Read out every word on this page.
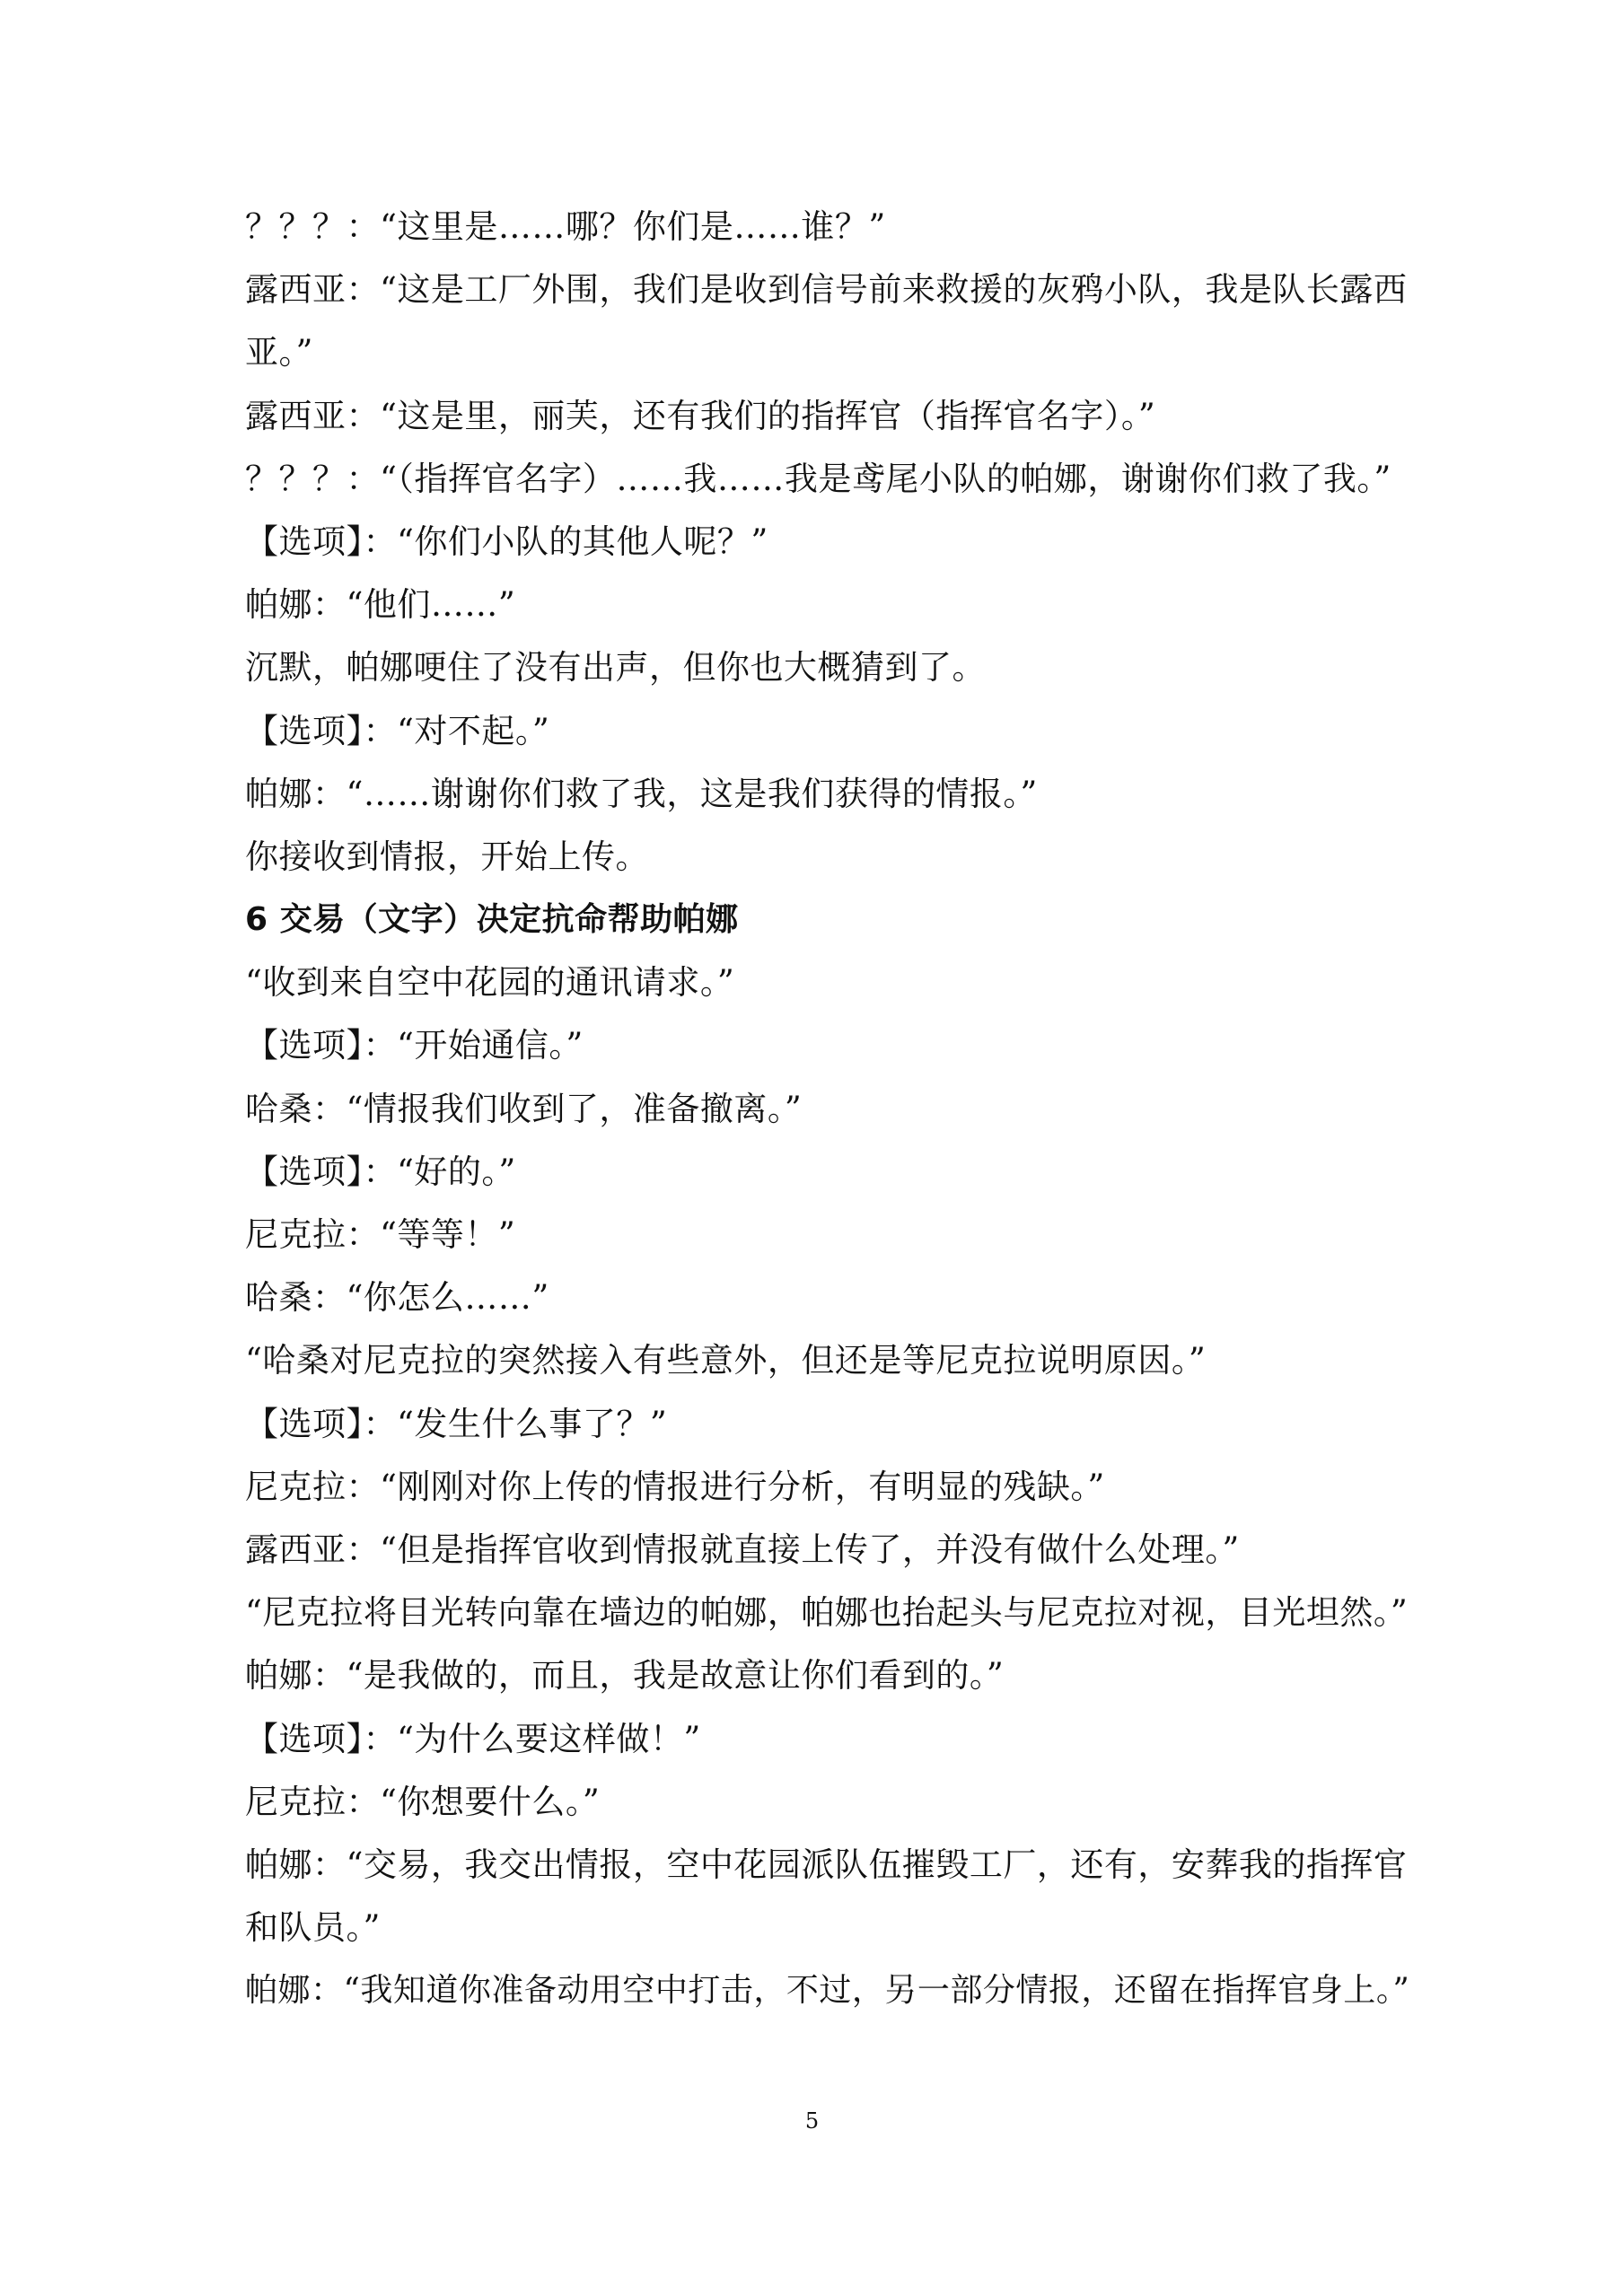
？？？：“这里是……哪？你们是……谁？”
露西亚：“这是工厂外围，我们是收到信号前来救援的灰鸦小队，我是队长露西
亚。”
露西亚：“这是里，丽芙，还有我们的指挥官（指挥官名字）。”
？？？：“（指挥官名字）……我……我是鸢尾小队的帕娜，谢谢你们救了我。”
【选项】：“你们小队的其他人呢？”
帕娜：“他们……”
沉默，帕娜哽住了没有出声，但你也大概猜到了。
【选项】：“对不起。”
帕娜：“……谢谢你们救了我，这是我们获得的情报。”
你接收到情报，开始上传。
6 交易（文字）决定抗命帮助帕娜
“收到来自空中花园的通讯请求。”
【选项】：“开始通信。”
哈桑：“情报我们收到了，准备撤离。”
【选项】：“好的。”
尼克拉：“等等！”
哈桑：“你怎么……”
“哈桑对尼克拉的突然接入有些意外，但还是等尼克拉说明原因。”
【选项】：“发生什么事了？”
尼克拉：“刚刚对你上传的情报进行分析，有明显的残缺。”
露西亚：“但是指挥官收到情报就直接上传了，并没有做什么处理。”
“尼克拉将目光转向靠在墙边的帕娜，帕娜也抬起头与尼克拉对视，目光坦然。”
帕娜：“是我做的，而且，我是故意让你们看到的。”
【选项】：“为什么要这样做！”
尼克拉：“你想要什么。”
帕娜：“交易，我交出情报，空中花园派队伍摧毁工厂，还有，安葬我的指挥官
和队员。”
帕娜：“我知道你准备动用空中打击，不过，另一部分情报，还留在指挥官身上。”
5
